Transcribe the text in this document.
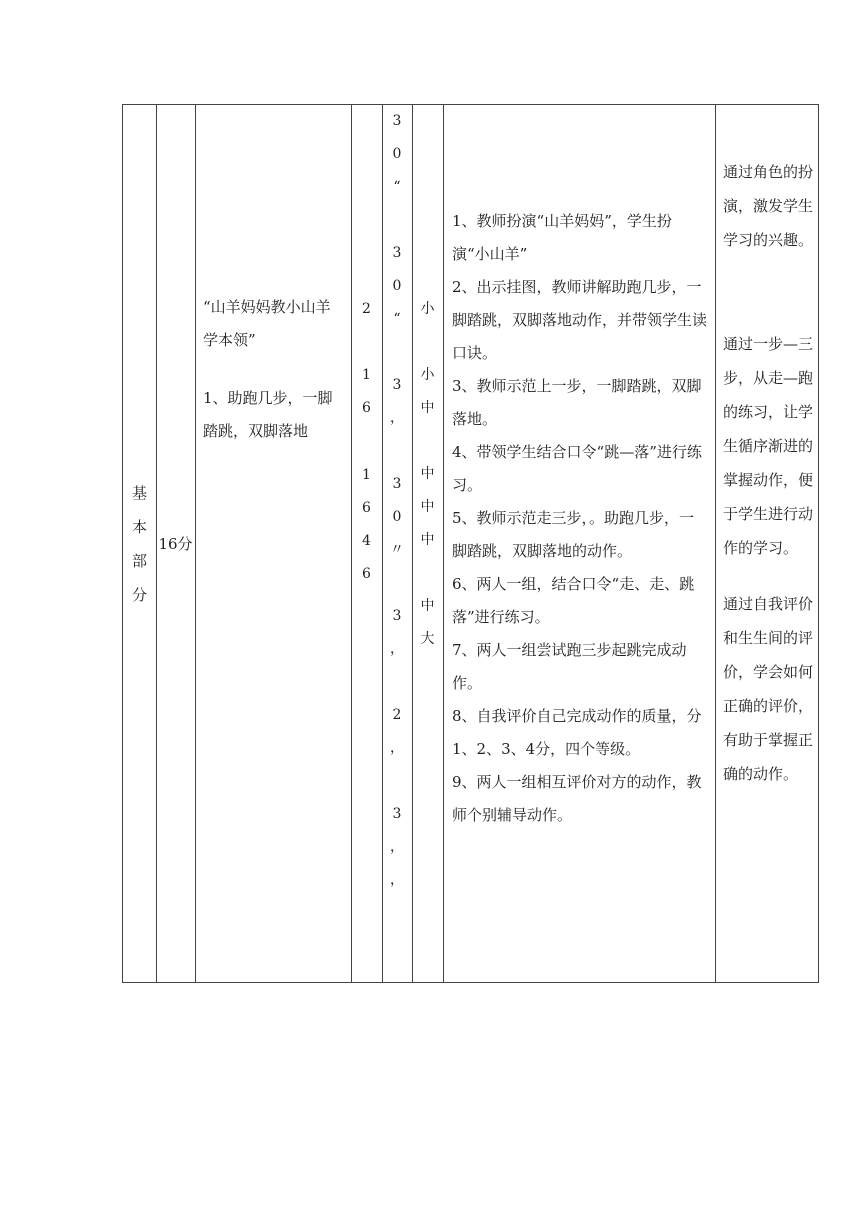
基
本
部
分
16分

“山羊妈妈教小山羊学本领”

1、助跑几步，一脚踏跳，双脚落地

2

1
6
1
6
4
6
3
0
“

3
0
“

3
，

3
0
〃

3
，

2
，

3
，
，
小

小
中

中
中
中

中
大

1、教师扮演“山羊妈妈”，学生扮演“小山羊”

2、出示挂图，教师讲解助跑几步，一脚踏跳，双脚落地动作，并带领学生读口诀。

3、教师示范上一步，一脚踏跳，双脚落地。

4、带领学生结合口令“跳—落”进行练习。

5、教师示范走三步，。助跑几步，一脚踏跳，双脚落地的动作。

6、两人一组，结合口令“走、走、跳落”进行练习。

7、两人一组尝试跑三步起跳完成动作。

8、自我评价自己完成动作的质量，分1、2、3、4分，四个等级。

9、两人一组相互评价对方的动作，教师个别辅导动作。

通过角色的扮演，激发学生学习的兴趣。

通过一步—三步，从走—跑的练习，让学生循序渐进的掌握动作，便于学生进行动作的学习。

通过自我评价和生生间的评价，学会如何正确的评价，有助于掌握正确的动作。
